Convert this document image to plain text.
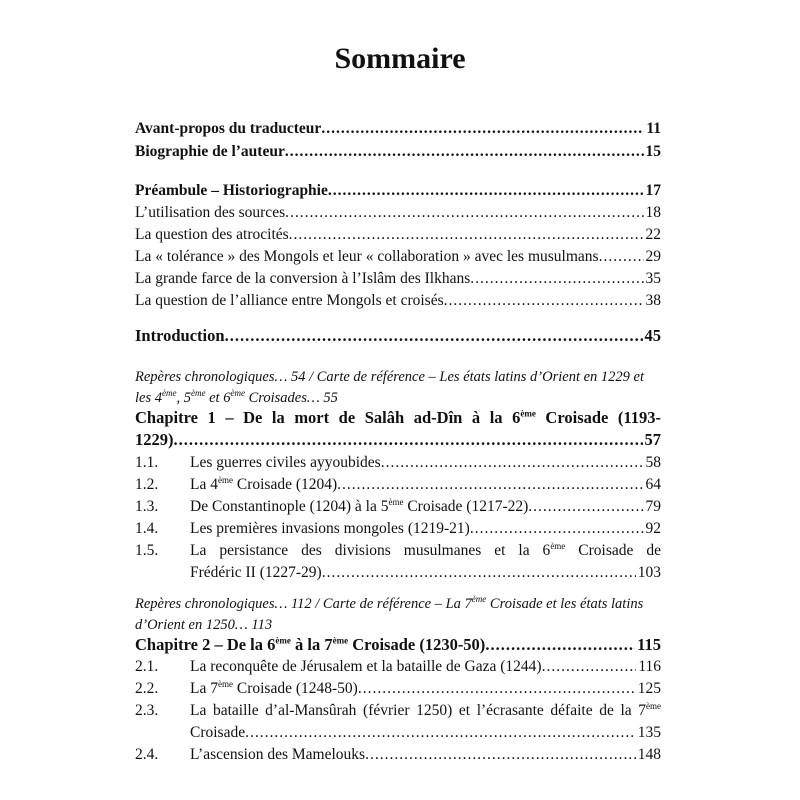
Sommaire
Avant-propos du traducteur .....	11
Biographie de l’auteur .....	15
Préambule – Historiographie .....	17
L’utilisation des sources .....	18
La question des atrocités .....	22
La « tolérance » des Mongols et leur « collaboration » avec les musulmans .....	29
La grande farce de la conversion à l’Islâm des Ilkhans .....	35
La question de l’alliance entre Mongols et croisés .....	38
Introduction .....	45
Repères chronologiques… 54 / Carte de référence – Les états latins d’Orient en 1229 et
les 4ème, 5ème et 6ème Croisades… 55
Chapitre 1 – De la mort de Salâh ad-Dîn à la 6ème Croisade (1193-
1229) .....	57
1.1.	Les guerres civiles ayyoubides .....	58
1.2.	La 4ème Croisade (1204) .....	64
1.3.	De Constantinople (1204) à la 5ème Croisade (1217-22) .....	79
1.4.	Les premières invasions mongoles (1219-21) .....	92
1.5.	La persistance des divisions musulmanes et la 6ème Croisade de
Frédéric II (1227-29) .....	103
Repères chronologiques… 112 / Carte de référence – La 7ème Croisade et les états latins
d’Orient en 1250… 113
Chapitre 2 – De la 6ème à la 7ème Croisade (1230-50) .....	115
2.1.	La reconquête de Jérusalem et la bataille de Gaza (1244) .....	116
2.2.	La 7ème Croisade (1248-50) .....	125
2.3.	La bataille d’al-Mansûrah (février 1250) et l’écrasante défaite de la 7ème
Croisade .....	135
2.4.	L’ascension des Mamelouks .....	148
